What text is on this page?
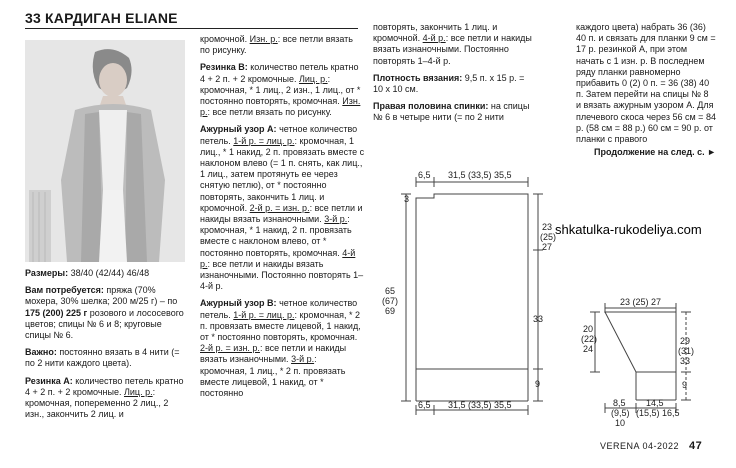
33 КАРДИГАН ELIANE

Размеры: 38/40 (42/44) 46/48

Вам потребуется: пряжа (70% мохера, 30% шелка; 200 м/25 г) – по 175 (200) 225 г розового и лососевого цветов; спицы № 6 и 8; круговые спицы № 6.

Важно: постоянно вязать в 4 нити (= по 2 нити каждого цвета).

Резинка А: количество петель кратно 4 + 2 п. + 2 кромочные. Лиц. р.: кромочная, попеременно 2 лиц., 2 изн., закончить 2 лиц. и

кромочной. Изн. р.: все петли вязать по рисунку.

Резинка В: количество петель кратно 4 + 2 п. + 2 кромочные. Лиц. р.: кромочная, * 1 лиц., 2 изн., 1 лиц., от * постоянно повторять, кромочная. Изн. р.: все петли вязать по рисунку.

Ажурный узор А: четное количество петель. 1-й р. = лиц. р.: кромочная, 1 лиц., * 1 накид, 2 п. провязать вместе с наклоном влево (= 1 п. снять, как лиц., 1 лиц., затем протянуть ее через снятую петлю), от * постоянно повторять, закончить 1 лиц. и кромочной. 2-й р. = изн. р.: все петли и накиды вязать изнаночными. 3-й р.: кромочная, * 1 накид, 2 п. провязать вместе с наклоном влево, от * постоянно повторять, кромочная. 4-й р.: все петли и накиды вязать изнаночными. Постоянно повторять 1–4-й р.

Ажурный узор В: четное количество петель. 1-й р. = лиц. р.: кромочная, * 2 п. провязать вместе лицевой, 1 накид, от * постоянно повторять, кромочная. 2-й р. = изн. р.: все петли и накиды вязать изнаночными. 3-й р.: кромочная, 1 лиц., * 2 п. провязать вместе лицевой, 1 накид, от * постоянно

повторять, закончить 1 лиц. и кромочной. 4-й р.: все петли и накиды вязать изнаночными. Постоянно повторять 1–4-й р.

Плотность вязания: 9,5 п. х 15 р. = 10 х 10 см.

Правая половина спинки: на спицы № 6 в четыре нити (= по 2 нити

каждого цвета) набрать 36 (36) 40 п. и связать для планки 9 см = 17 р. резинкой А, при этом начать с 1 изн. р. В последнем ряду планки равномерно прибавить 0 (2) 0 п. = 36 (38) 40 п. Затем перейти на спицы № 8 и вязать ажурным узором А. Для плечевого скоса через 56 см = 84 р. (58 см = 88 р.) 60 см = 90 р. от планки с правого

Продолжение на след. с. ►

shkatulka-rukodeliya.com
6,5 31,5 (33,5) 35,5
3
23
(25)
27
65
(67)
69
33
9
6,5 31,5 (33,5) 35,5
23 (25) 27
20
(22)
24
29
(31)
33
9
8,5
(9,5)
10
14,5
(15,5) 16,5
VERENA 04-2022 47
